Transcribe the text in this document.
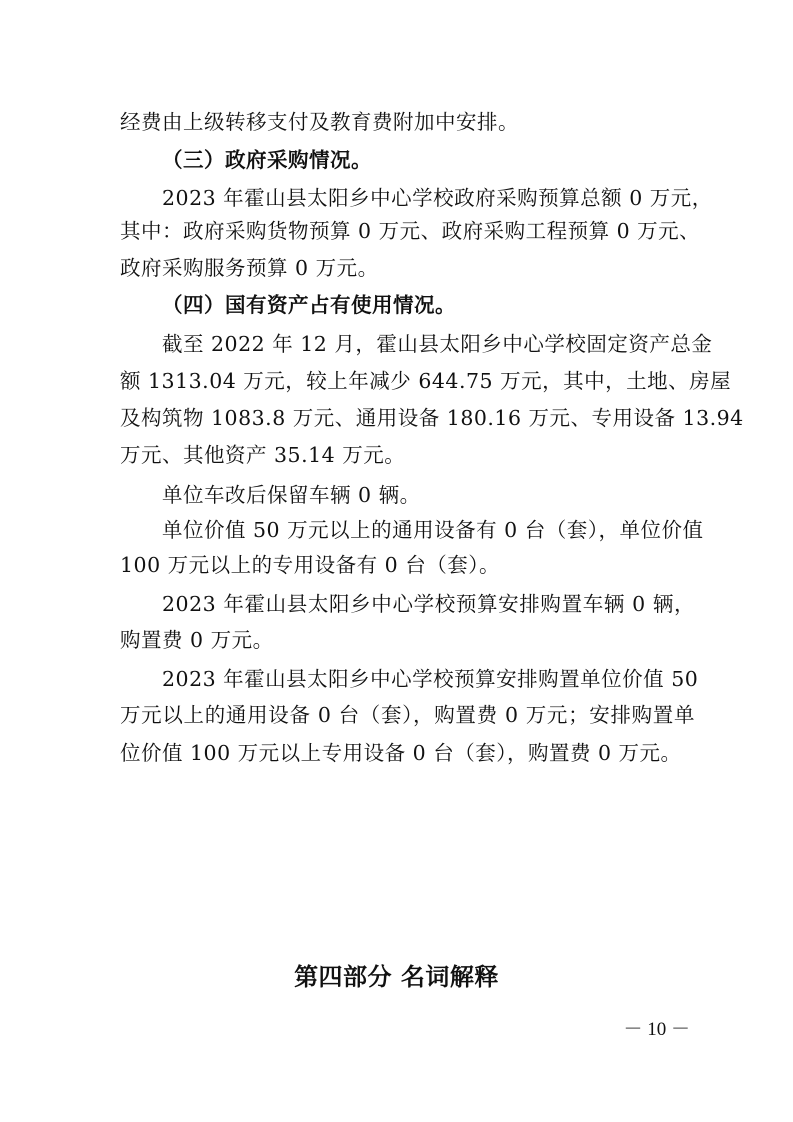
经费由上级转移支付及教育费附加中安排。
（三）政府采购情况。
2023 年霍山县太阳乡中心学校政府采购预算总额 0 万元，
其中：政府采购货物预算 0 万元、政府采购工程预算 0 万元、
政府采购服务预算 0 万元。
（四）国有资产占有使用情况。
截至 2022 年 12 月，霍山县太阳乡中心学校固定资产总金
额 1313.04 万元，较上年减少 644.75 万元，其中，土地、房屋
及构筑物 1083.8 万元、通用设备 180.16 万元、专用设备 13.94
万元、其他资产 35.14 万元。
单位车改后保留车辆 0 辆。
单位价值 50 万元以上的通用设备有 0 台（套），单位价值
100 万元以上的专用设备有 0 台（套）。
2023 年霍山县太阳乡中心学校预算安排购置车辆 0 辆，
购置费 0 万元。
2023 年霍山县太阳乡中心学校预算安排购置单位价值 50
万元以上的通用设备 0 台（套），购置费 0 万元；安排购置单
位价值 100 万元以上专用设备 0 台（套），购置费 0 万元。
第四部分 名词解释
－ 10 －
